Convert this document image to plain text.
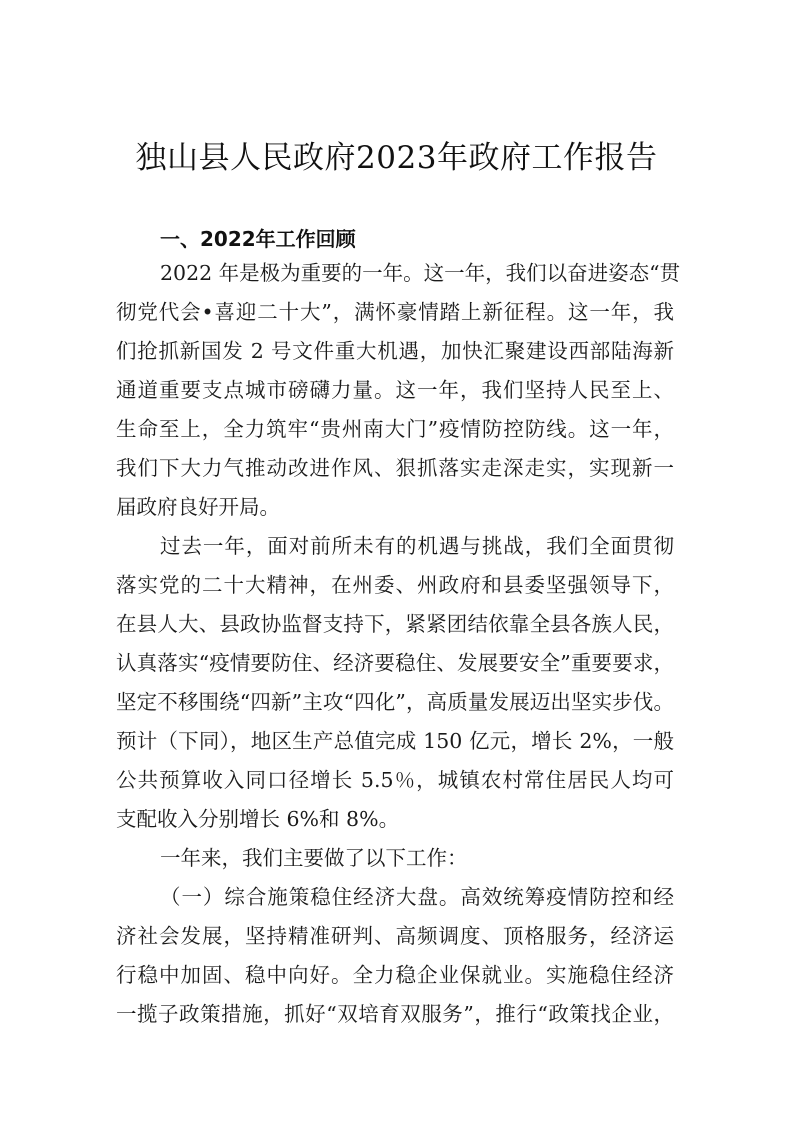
独山县人民政府2023年政府工作报告
一、2022年工作回顾
2022 年是极为重要的一年。这一年，我们以奋进姿态“贯
彻党代会•喜迎二十大”，满怀豪情踏上新征程。这一年，我
们抢抓新国发 2 号文件重大机遇，加快汇聚建设西部陆海新
通道重要支点城市磅礴力量。这一年，我们坚持人民至上、
生命至上，全力筑牢“贵州南大门”疫情防控防线。这一年，
我们下大力气推动改进作风、狠抓落实走深走实，实现新一
届政府良好开局。
过去一年，面对前所未有的机遇与挑战，我们全面贯彻
落实党的二十大精神，在州委、州政府和县委坚强领导下，
在县人大、县政协监督支持下，紧紧团结依靠全县各族人民，
认真落实“疫情要防住、经济要稳住、发展要安全”重要要求，
坚定不移围绕“四新”主攻“四化”，高质量发展迈出坚实步伐。
预计（下同），地区生产总值完成 150 亿元，增长 2%，一般
公共预算收入同口径增长 5.5％，城镇农村常住居民人均可
支配收入分别增长 6%和 8%。
一年来，我们主要做了以下工作：
（一）综合施策稳住经济大盘。高效统筹疫情防控和经
济社会发展，坚持精准研判、高频调度、顶格服务，经济运
行稳中加固、稳中向好。全力稳企业保就业。实施稳住经济
一揽子政策措施，抓好“双培育双服务”，推行“政策找企业，
